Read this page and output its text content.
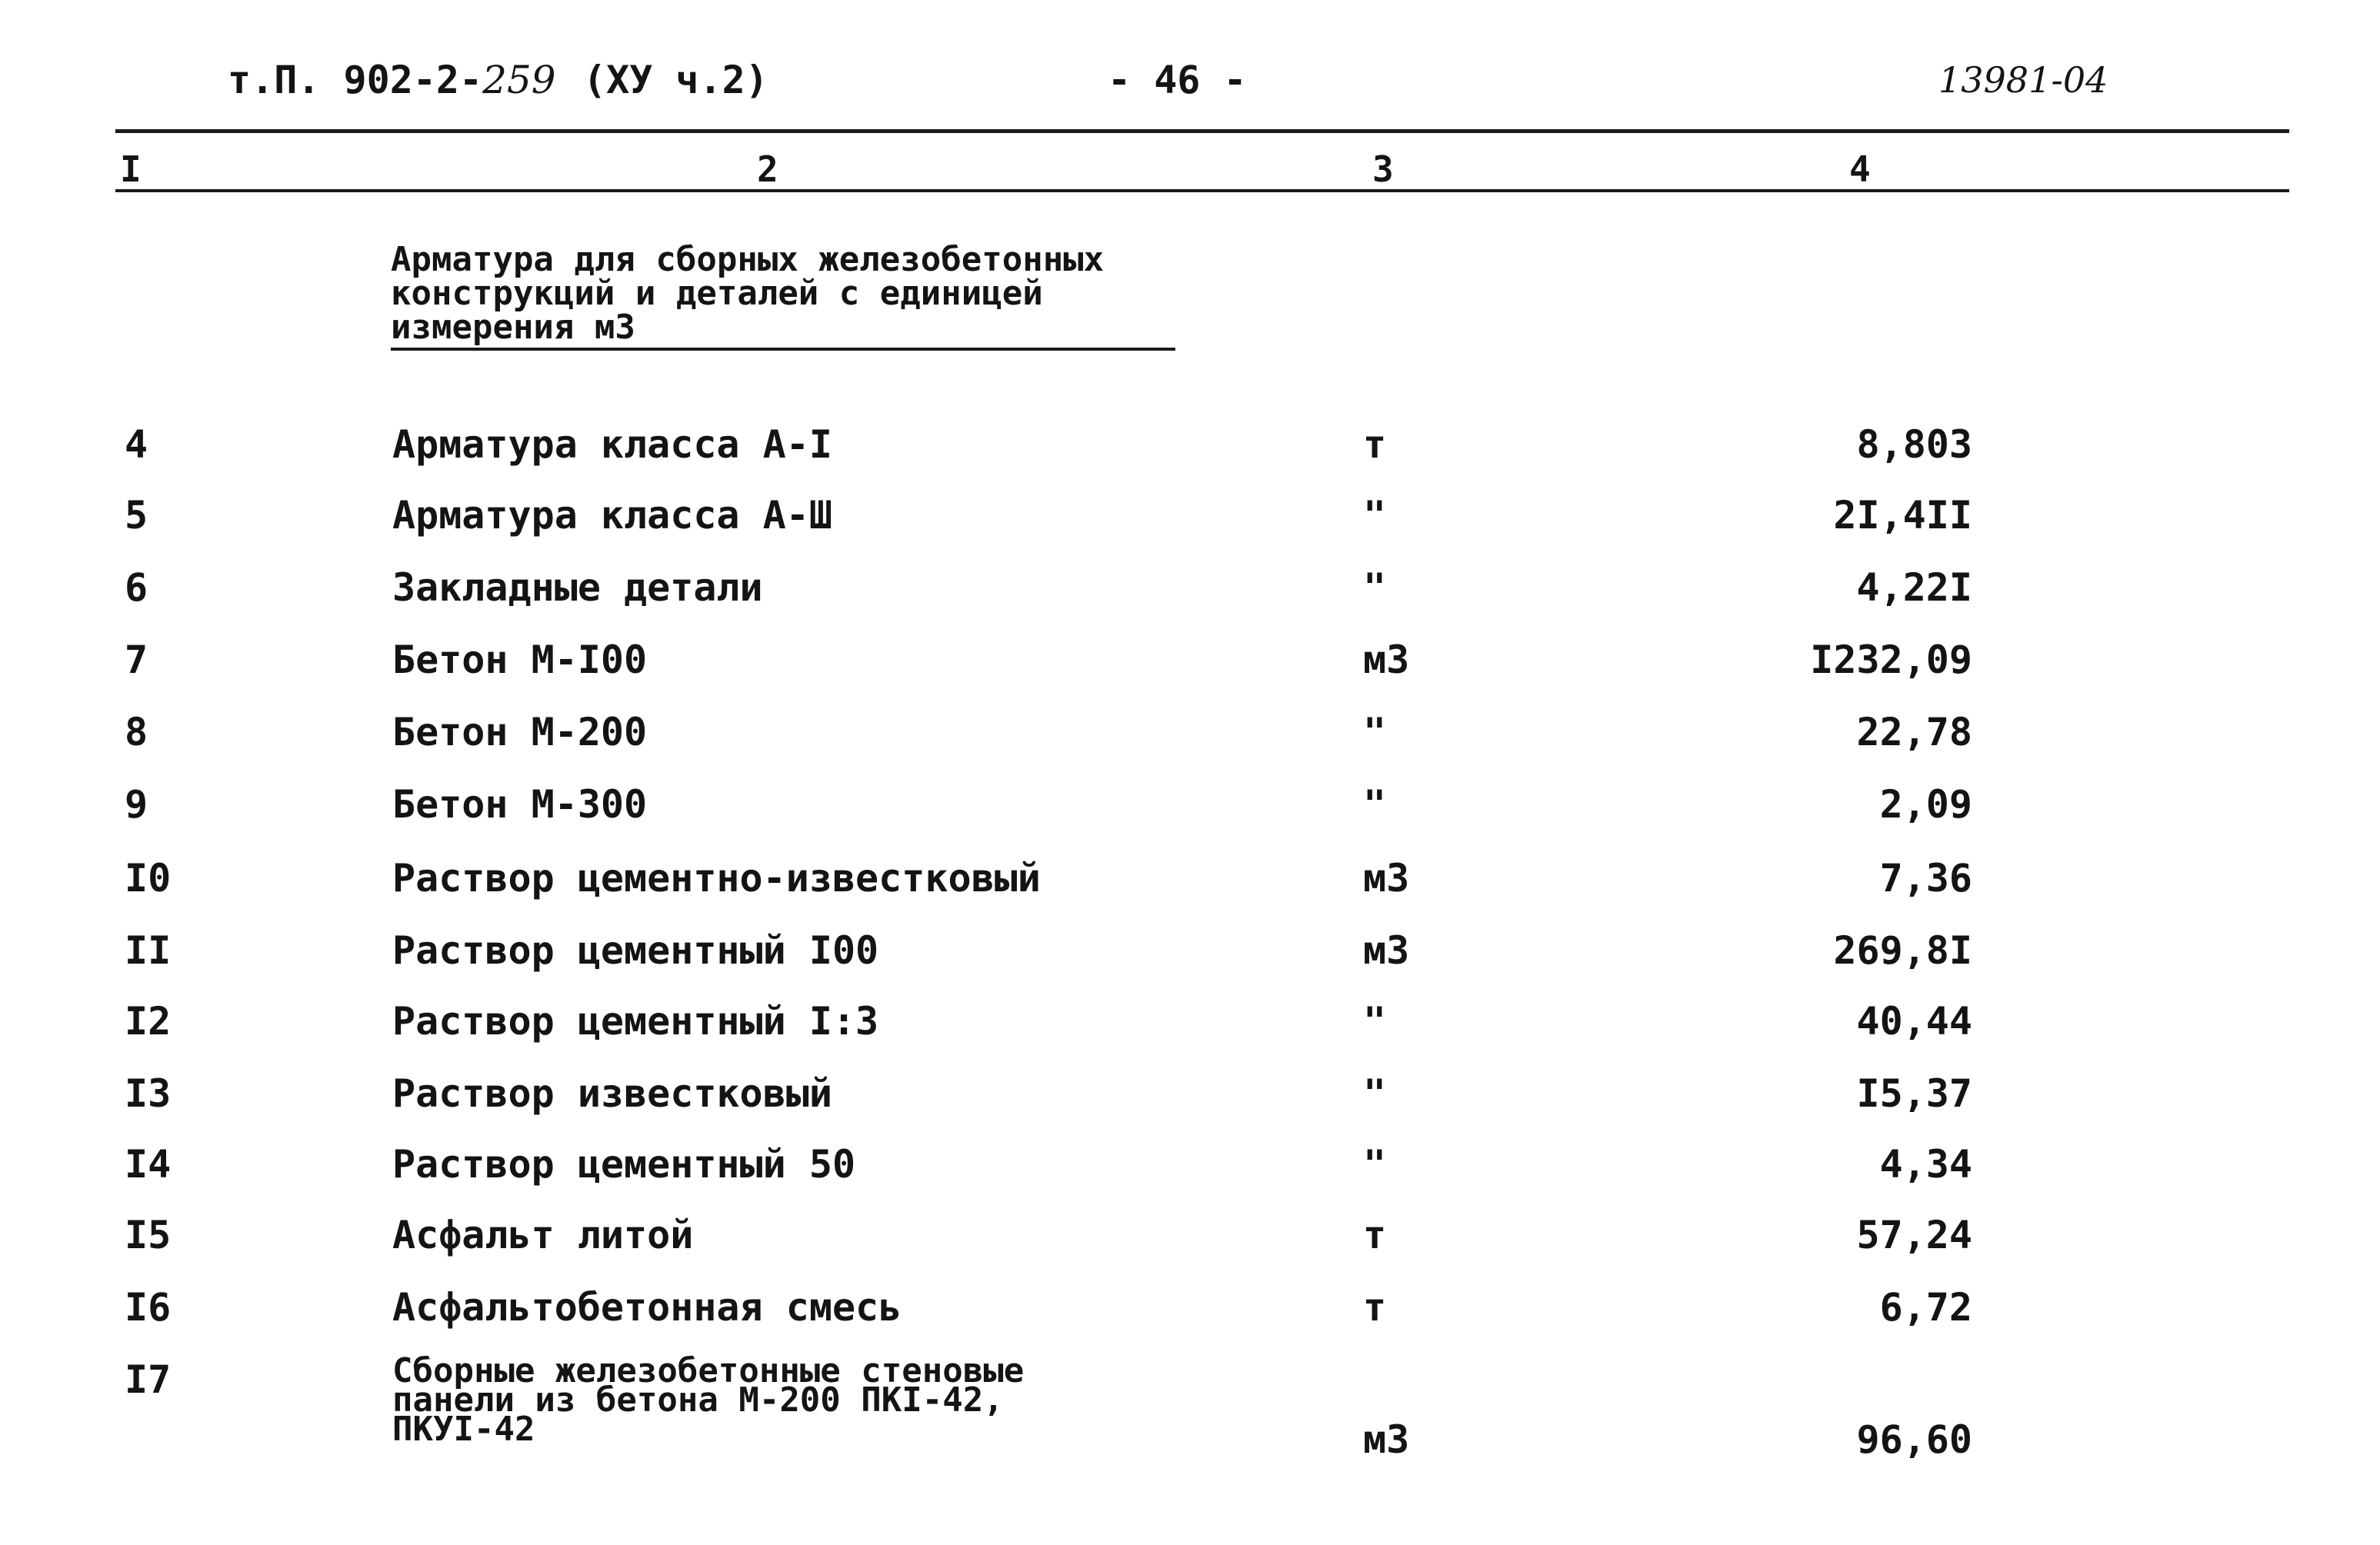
т.П. 902-2-259 (ХУ ч.2)	- 46 -	13981-04
I	2	3	4
Арматура для сборных железобетонных
конструкций и деталей с единицей
измерения м3
4	Арматура класса А-I	т	8,803
5	Арматура класса А-Ш	"	2I,4II
6	Закладные детали	"	4,22I
7	Бетон М-I00	м3	I232,09
8	Бетон М-200	"	22,78
9	Бетон М-300	"	2,09
I0	Раствор цементно-известковый	м3	7,36
II	Раствор цементный I00	м3	269,8I
I2	Раствор цементный I:3	"	40,44
I3	Раствор известковый	"	I5,37
I4	Раствор цементный 50	"	4,34
I5	Асфальт литой	т	57,24
I6	Асфальтобетонная смесь	т	6,72
I7	Сборные железобетонные стеновые
панели из бетона М-200 ПКI-42,
ПКУI-42	м3	96,60
